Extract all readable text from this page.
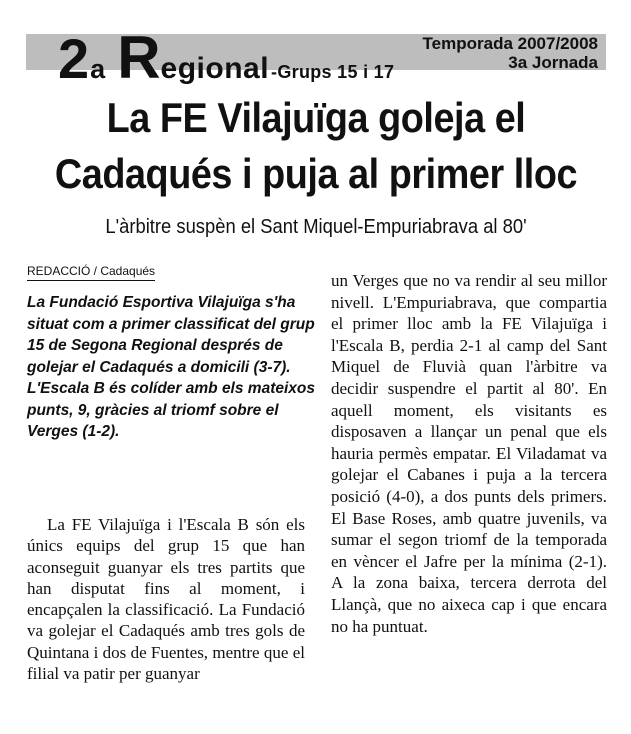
2a Regional -Grups 15 i 17
Temporada 2007/2008
3a Jornada
La FE Vilajuïga goleja el
Cadaqués i puja al primer lloc
L'àrbitre suspèn el Sant Miquel-Empuriabrava al 80'
REDACCIÓ / Cadaqués

La Fundació Esportiva Vilajuïga s'ha situat com a primer classificat del grup 15 de Segona Regional després de golejar el Cadaqués a domicili (3-7). L'Escala B és colíder amb els mateixos punts, 9, gràcies al triomf sobre el Verges (1-2).

La FE Vilajuïga i l'Escala B són els únics equips del grup 15 que han aconseguit guanyar els tres partits que han disputat fins al moment, i encapçalen la classificació. La Fundació va golejar el Cadaqués amb tres gols de Quintana i dos de Fuentes, mentre que el filial va patir per guanyar

un Verges que no va rendir al seu millor nivell. L'Empuriabrava, que compartia el primer lloc amb la FE Vilajuïga i l'Escala B, perdia 2-1 al camp del Sant Miquel de Fluvià quan l'àrbitre va decidir suspendre el partit al 80'. En aquell moment, els visitants es disposaven a llançar un penal que els hauria permès empatar. El Viladamat va golejar el Cabanes i puja a la tercera posició (4-0), a dos punts dels primers. El Base Roses, amb quatre juvenils, va sumar el segon triomf de la temporada en vèncer el Jafre per la mínima (2-1). A la zona baixa, tercera derrota del Llançà, que no aixeca cap i que encara no ha puntuat.
